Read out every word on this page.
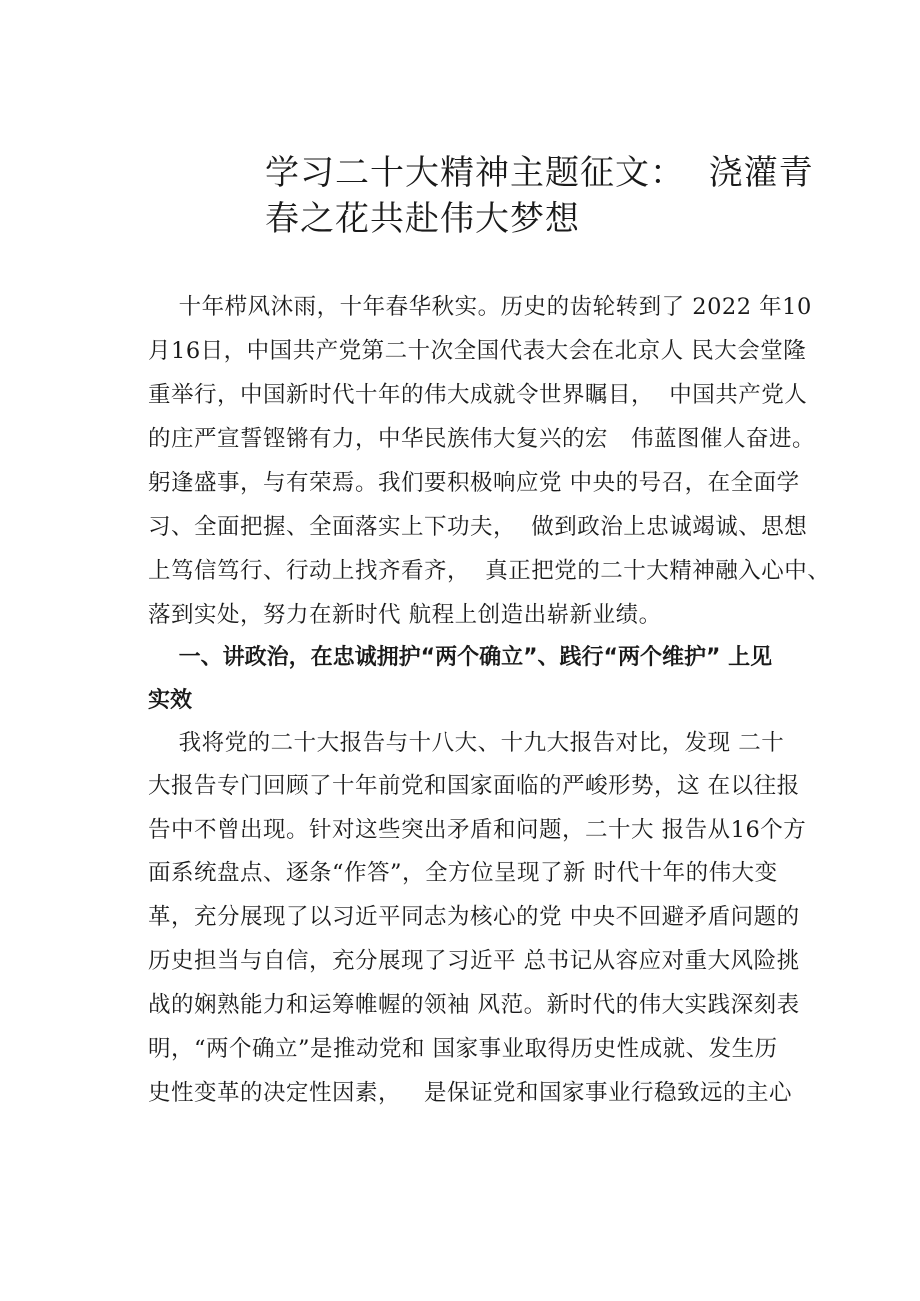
学习二十大精神主题征文：  浇灌青
春之花共赴伟大梦想
十年栉风沐雨，十年春华秋实。历史的齿轮转到了 2022 年10
月16日，中国共产党第二十次全国代表大会在北京人 民大会堂隆
重举行，中国新时代十年的伟大成就令世界瞩目，  中国共产党人
的庄严宣誓铿锵有力，中华民族伟大复兴的宏   伟蓝图催人奋进。
躬逢盛事，与有荣焉。我们要积极响应党 中央的号召，在全面学
习、全面把握、全面落实上下功夫，  做到政治上忠诚竭诚、思想
上笃信笃行、行动上找齐看齐，  真正把党的二十大精神融入心中、
落到实处，努力在新时代 航程上创造出崭新业绩。
一、讲政治，在忠诚拥护“两个确立”、践行“两个维护” 上见
实效
我将党的二十大报告与十八大、十九大报告对比，发现 二十
大报告专门回顾了十年前党和国家面临的严峻形势，这 在以往报
告中不曾出现。针对这些突出矛盾和问题，二十大 报告从16个方
面系统盘点、逐条“作答”，全方位呈现了新 时代十年的伟大变
革，充分展现了以习近平同志为核心的党 中央不回避矛盾问题的
历史担当与自信，充分展现了习近平 总书记从容应对重大风险挑
战的娴熟能力和运筹帷幄的领袖 风范。新时代的伟大实践深刻表
明，“两个确立”是推动党和 国家事业取得历史性成就、发生历
史性变革的决定性因素，   是保证党和国家事业行稳致远的主心
